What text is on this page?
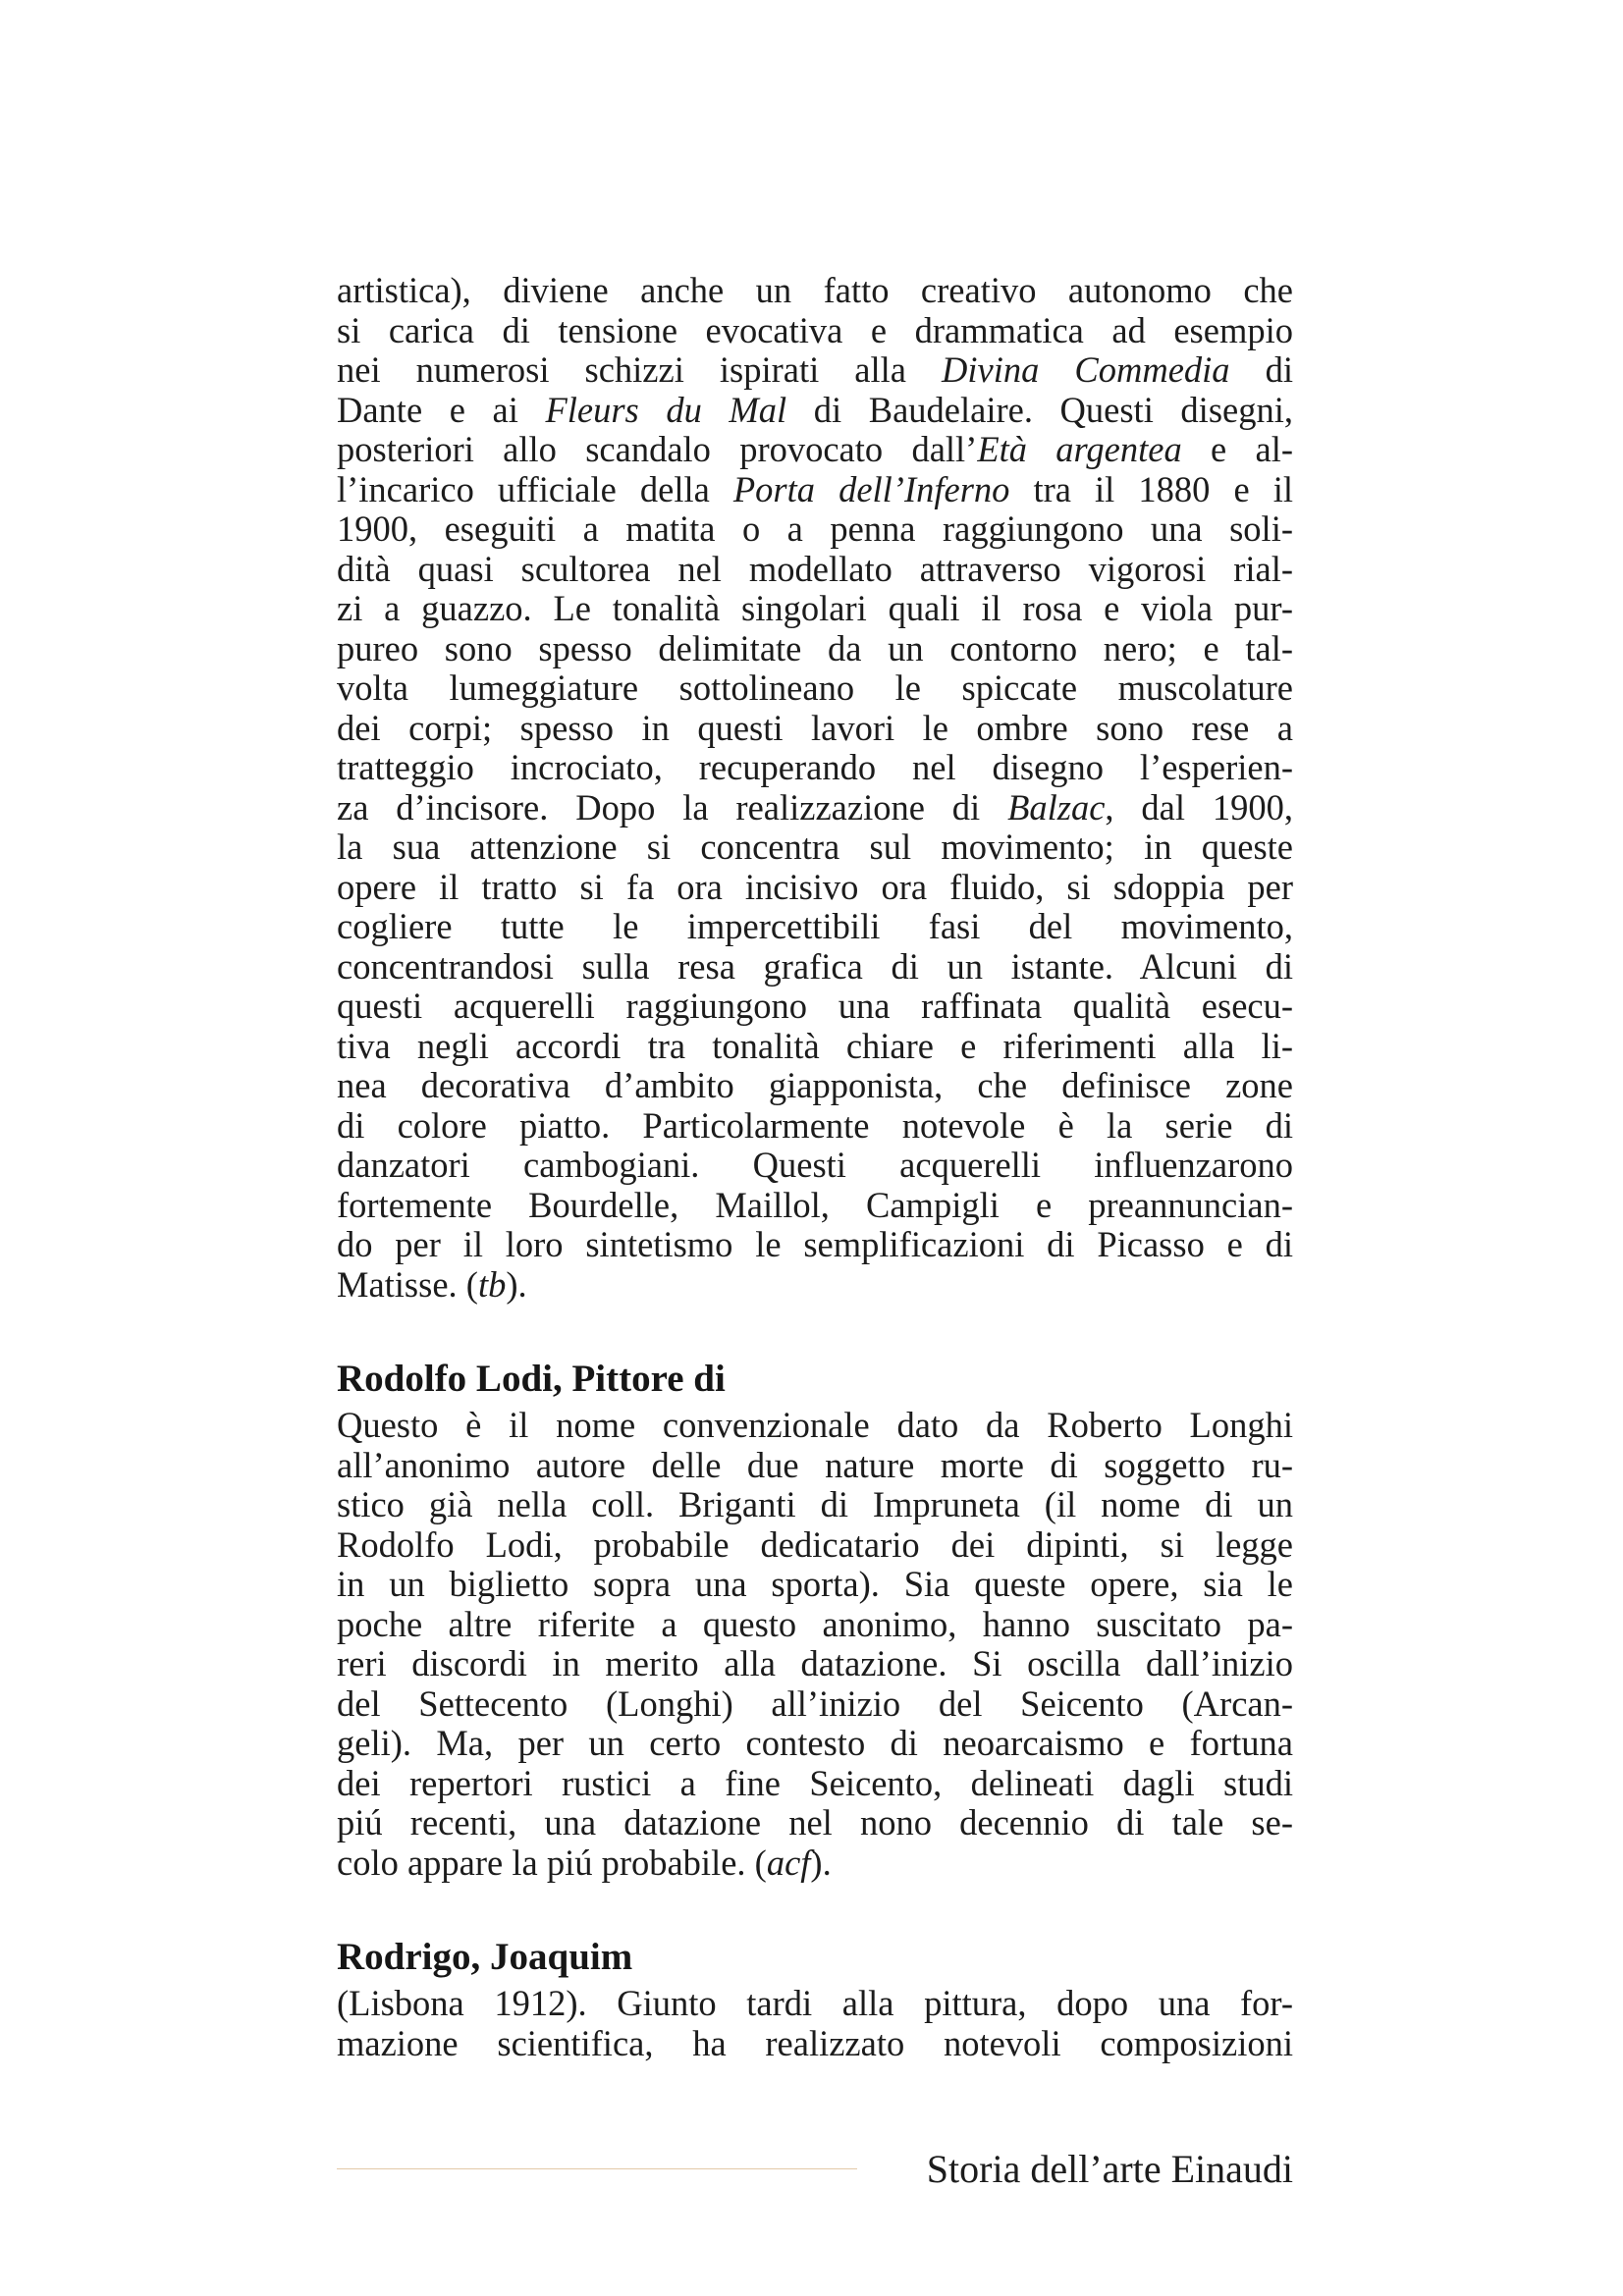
artistica), diviene anche un fatto creativo autonomo che
si carica di tensione evocativa e drammatica ad esempio
nei numerosi schizzi ispirati alla Divina Commedia di
Dante e ai Fleurs du Mal di Baudelaire. Questi disegni,
posteriori allo scandalo provocato dall’Età argentea e al-
l’incarico ufficiale della Porta dell’Inferno tra il 1880 e il
1900, eseguiti a matita o a penna raggiungono una soli-
dità quasi scultorea nel modellato attraverso vigorosi rial-
zi a guazzo. Le tonalità singolari quali il rosa e viola pur-
pureo sono spesso delimitate da un contorno nero; e tal-
volta lumeggiature sottolineano le spiccate muscolature
dei corpi; spesso in questi lavori le ombre sono rese a
tratteggio incrociato, recuperando nel disegno l’esperien-
za d’incisore. Dopo la realizzazione di Balzac, dal 1900,
la sua attenzione si concentra sul movimento; in queste
opere il tratto si fa ora incisivo ora fluido, si sdoppia per
cogliere tutte le impercettibili fasi del movimento,
concentrandosi sulla resa grafica di un istante. Alcuni di
questi acquerelli raggiungono una raffinata qualità esecu-
tiva negli accordi tra tonalità chiare e riferimenti alla li-
nea decorativa d’ambito giapponista, che definisce zone
di colore piatto. Particolarmente notevole è la serie di
danzatori cambogiani. Questi acquerelli influenzarono
fortemente Bourdelle, Maillol, Campigli e preannuncian-
do per il loro sintetismo le semplificazioni di Picasso e di
Matisse. (tb).
Rodolfo Lodi, Pittore di
Questo è il nome convenzionale dato da Roberto Longhi
all’anonimo autore delle due nature morte di soggetto ru-
stico già nella coll. Briganti di Impruneta (il nome di un
Rodolfo Lodi, probabile dedicatario dei dipinti, si legge
in un biglietto sopra una sporta). Sia queste opere, sia le
poche altre riferite a questo anonimo, hanno suscitato pa-
reri discordi in merito alla datazione. Si oscilla dall’inizio
del Settecento (Longhi) all’inizio del Seicento (Arcan-
geli). Ma, per un certo contesto di neoarcaismo e fortuna
dei repertori rustici a fine Seicento, delineati dagli studi
piú recenti, una datazione nel nono decennio di tale se-
colo appare la piú probabile. (acf).
Rodrigo, Joaquim
(Lisbona 1912). Giunto tardi alla pittura, dopo una for-
mazione scientifica, ha realizzato notevoli composizioni
Storia dell’arte Einaudi
